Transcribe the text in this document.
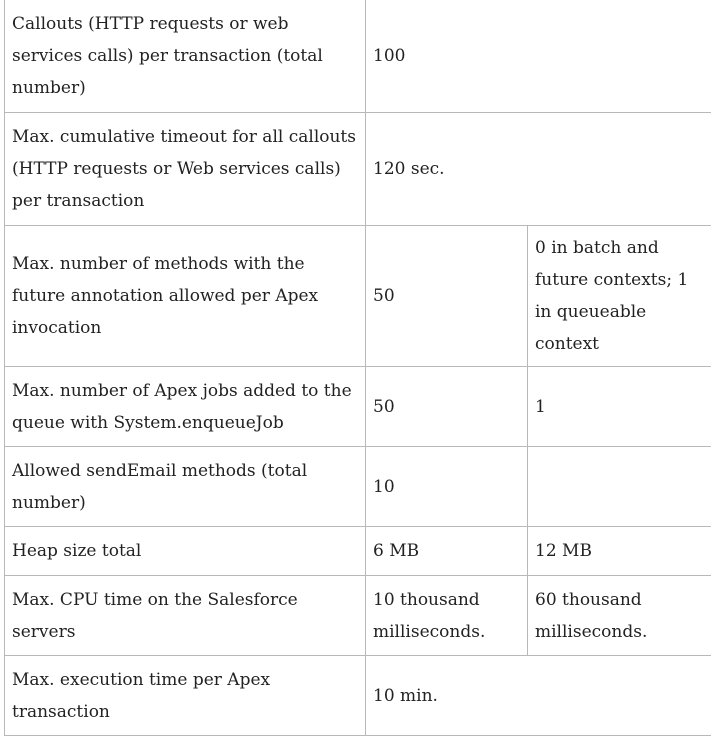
Callouts (HTTP requests or web services calls) per transaction (total number)	100	
Max. cumulative timeout for all callouts (HTTP requests or Web services calls) per transaction	120 sec.	
Max. number of methods with the future annotation allowed per Apex invocation	50	0 in batch and future contexts; 1 in queueable context
Max. number of Apex jobs added to the queue with System.enqueueJob	50	1
Allowed sendEmail methods (total number)	10	
Heap size total	6 MB	12 MB
Max. CPU time on the Salesforce servers	10 thousand milliseconds.	60 thousand milliseconds.
Max. execution time per Apex transaction	10 min.	
